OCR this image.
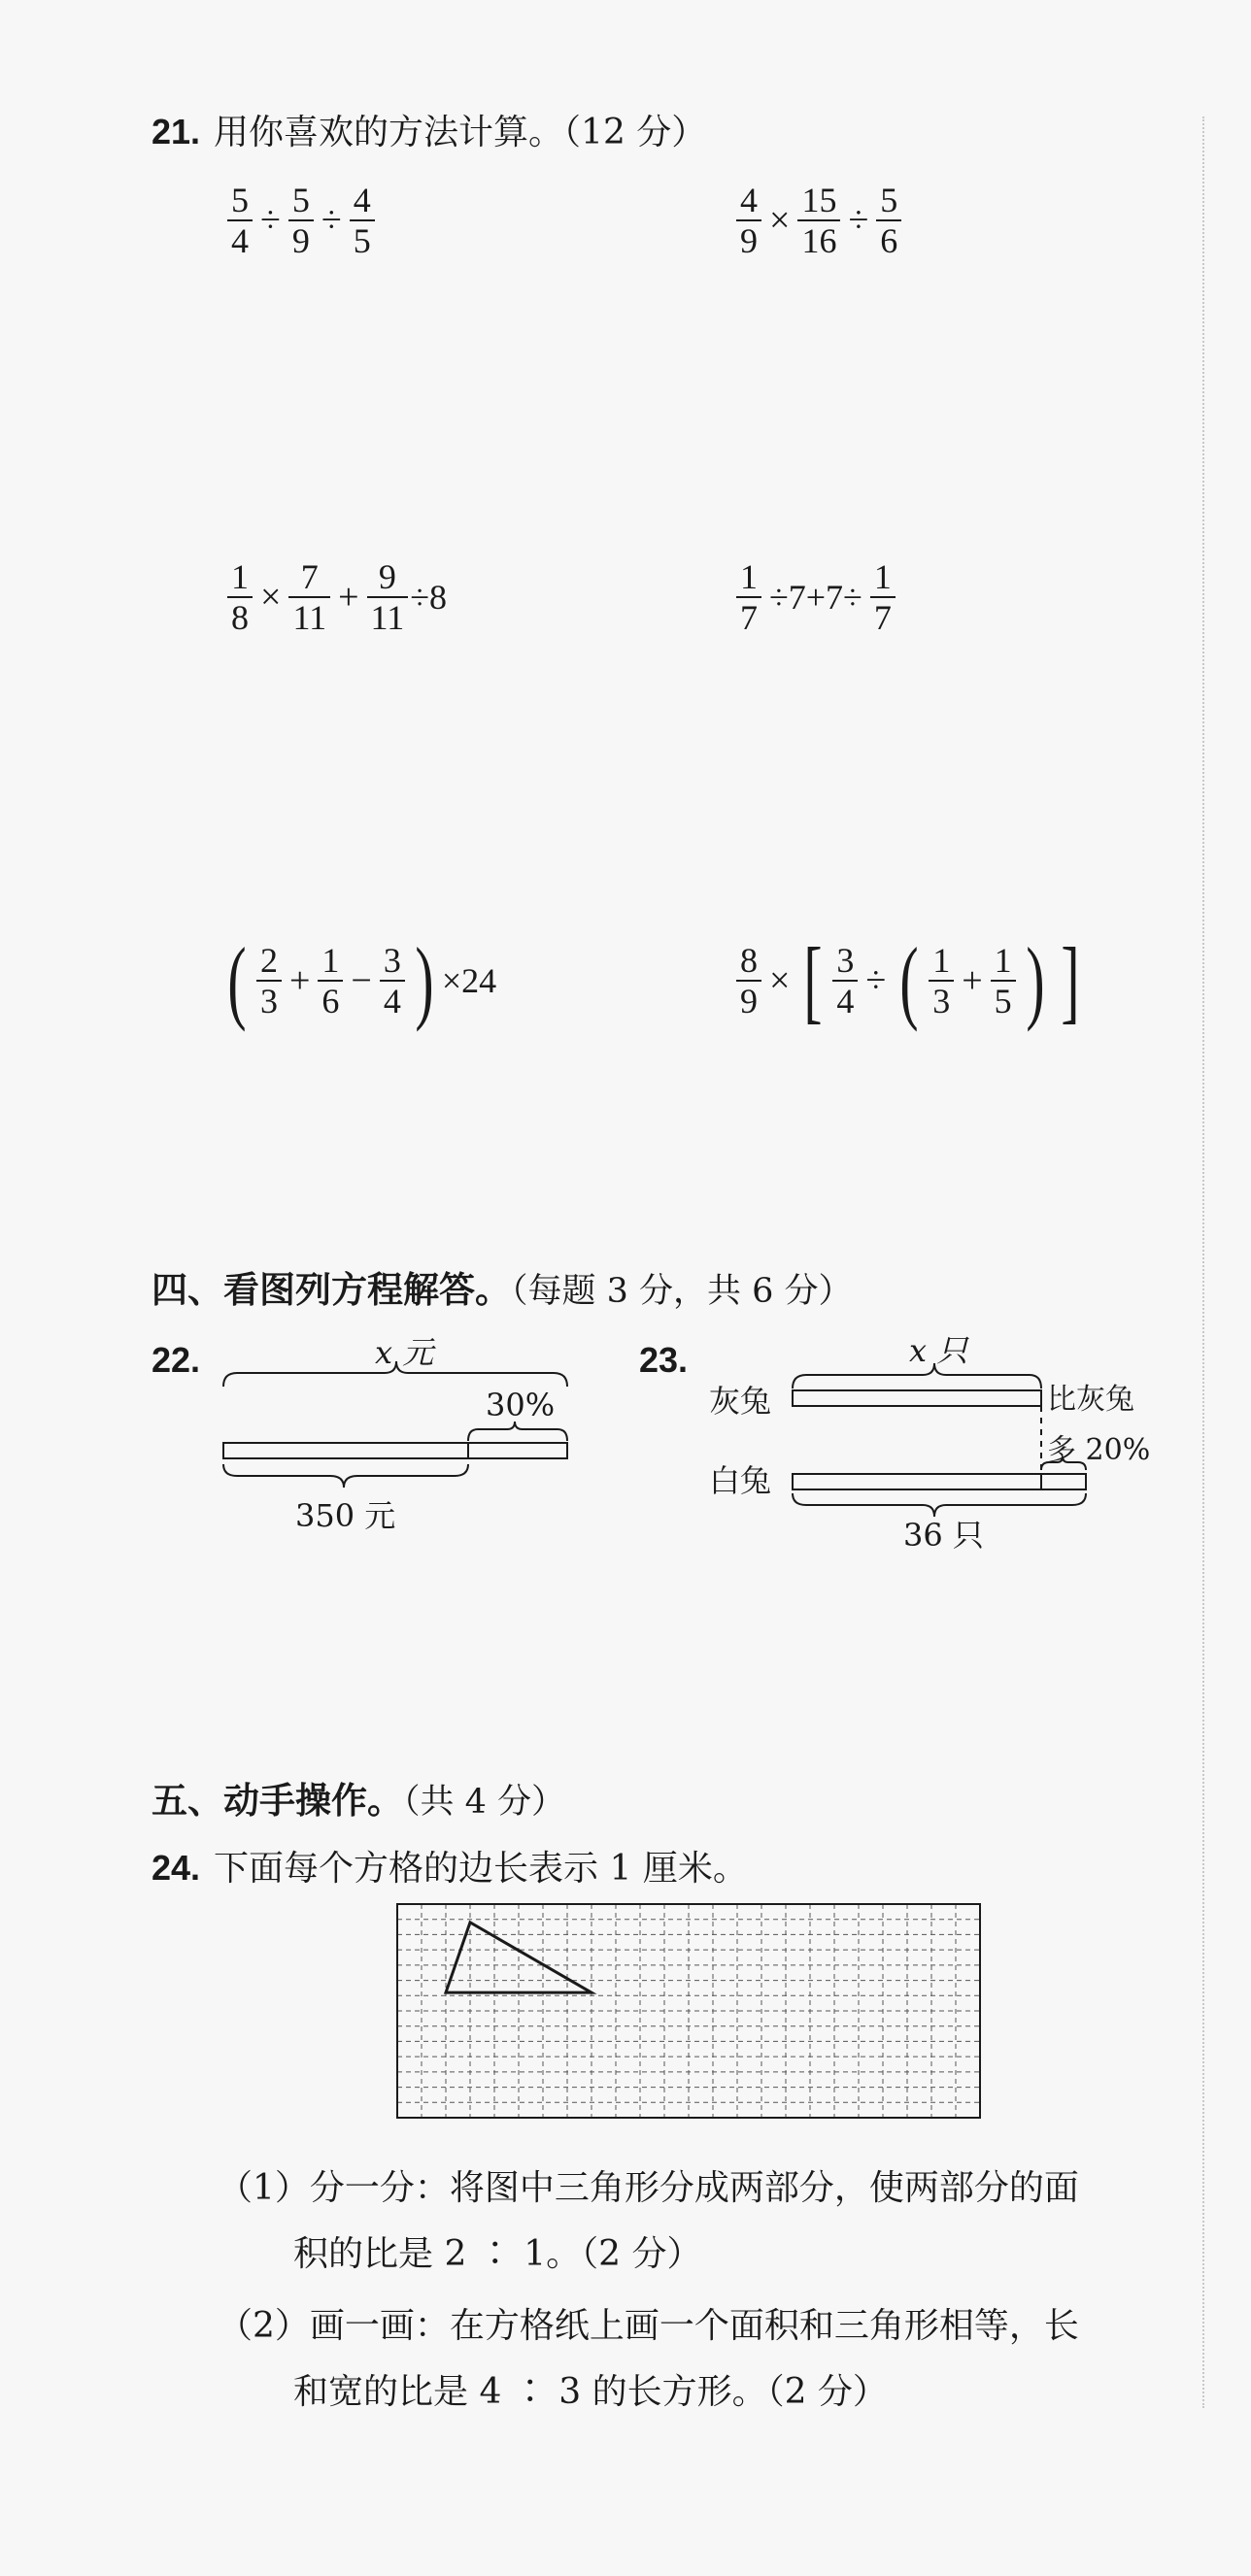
21. 用你喜欢的方法计算。（12 分）
$\frac{5}{4} \div \frac{5}{9} \div \frac{4}{5}$	$\frac{4}{9} \times \frac{15}{16} \div \frac{5}{6}$
$\frac{1}{8} \times \frac{7}{11} + \frac{9}{11} \div 8$	$\frac{1}{7} \div 7+7\div \frac{1}{7}$
( $\frac{2}{3} + \frac{1}{6} - \frac{3}{4}$ ) ×24	$\frac{8}{9}$ × [ $\frac{3}{4}$ ÷ ( $\frac{1}{3} + \frac{1}{5}$ ) ]
四、看图列方程解答。（每题 3 分，共 6 分）
22.	x 元
30%
350 元
23.
灰兔
白兔
x 只
比灰兔
多 20%
36 只
五、动手操作。（共 4 分）
24. 下面每个方格的边长表示 1 厘米。
（1）分一分：将图中三角形分成两部分，使两部分的面
积的比是 2 ∶ 1。（2 分）
（2）画一画：在方格纸上画一个面积和三角形相等，长
和宽的比是 4 ∶ 3 的长方形。（2 分）
